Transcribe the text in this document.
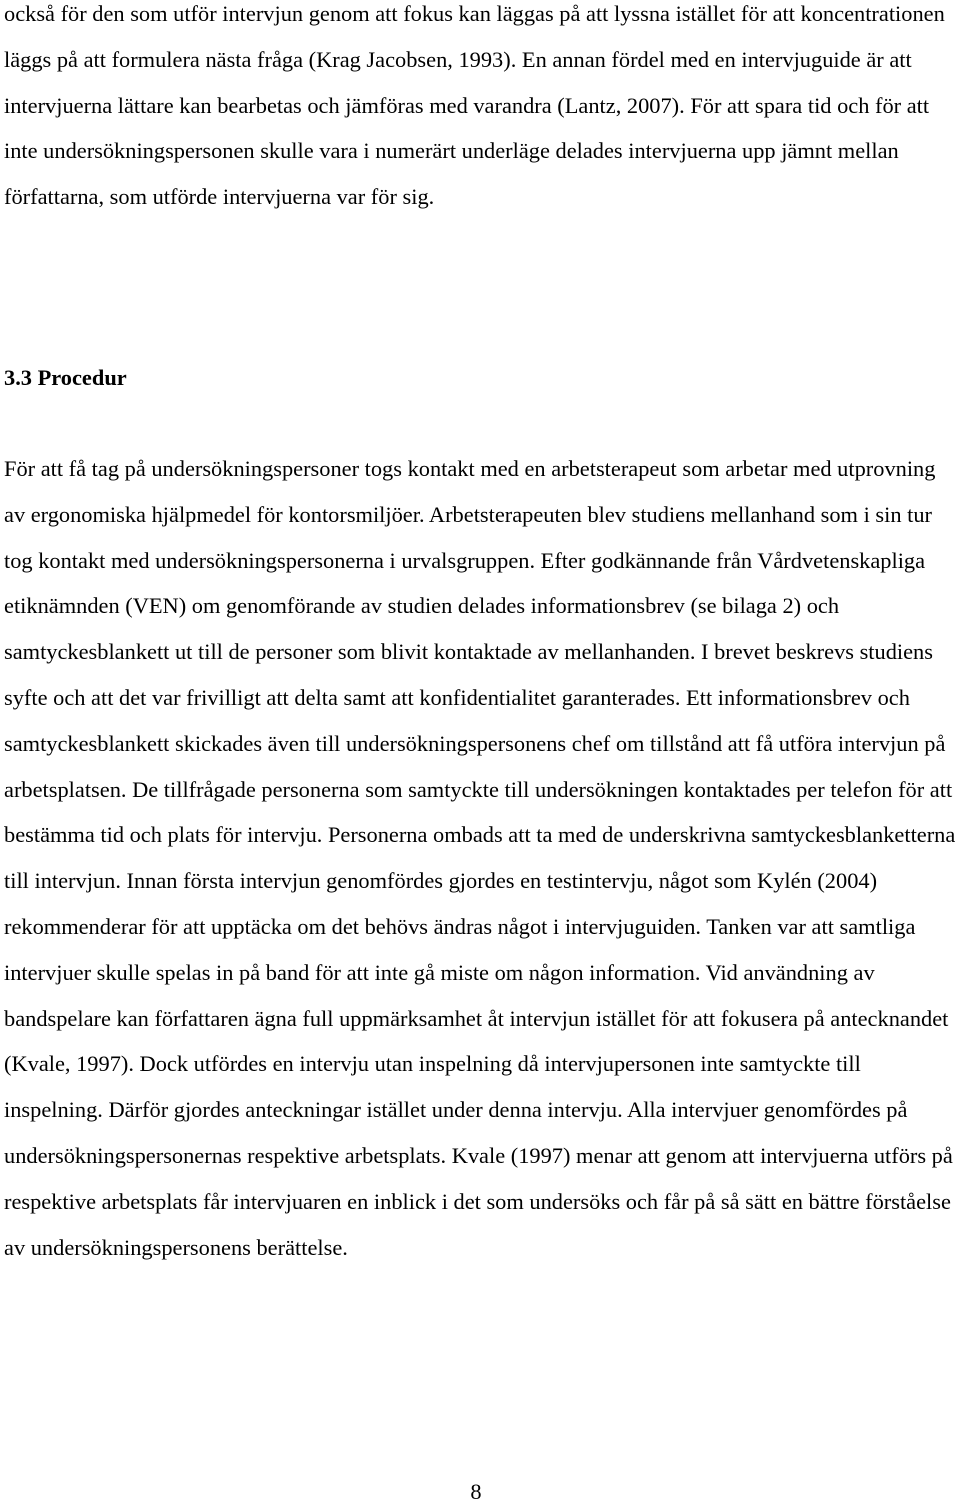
också för den som utför intervjun genom att fokus kan läggas på att lyssna istället för att koncentrationen läggs på att formulera nästa fråga (Krag Jacobsen, 1993). En annan fördel med en intervjuguide är att intervjuerna lättare kan bearbetas och jämföras med varandra (Lantz, 2007). För att spara tid och för att inte undersökningspersonen skulle vara i numerärt underläge delades intervjuerna upp jämnt mellan författarna, som utförde intervjuerna var för sig.

3.3 Procedur

För att få tag på undersökningspersoner togs kontakt med en arbetsterapeut som arbetar med utprovning av ergonomiska hjälpmedel för kontorsmiljöer. Arbetsterapeuten blev studiens mellanhand som i sin tur tog kontakt med undersökningspersonerna i urvalsgruppen. Efter godkännande från Vårdvetenskapliga etiknämnden (VEN) om genomförande av studien delades informationsbrev (se bilaga 2) och samtyckesblankett ut till de personer som blivit kontaktade av mellanhanden. I brevet beskrevs studiens syfte och att det var frivilligt att delta samt att konfidentialitet garanterades. Ett informationsbrev och samtyckesblankett skickades även till undersökningspersonens chef om tillstånd att få utföra intervjun på arbetsplatsen. De tillfrågade personerna som samtyckte till undersökningen kontaktades per telefon för att bestämma tid och plats för intervju. Personerna ombads att ta med de underskrivna samtyckesblanketterna till intervjun. Innan första intervjun genomfördes gjordes en testintervju, något som Kylén (2004) rekommenderar för att upptäcka om det behövs ändras något i intervjuguiden. Tanken var att samtliga intervjuer skulle spelas in på band för att inte gå miste om någon information. Vid användning av bandspelare kan författaren ägna full uppmärksamhet åt intervjun istället för att fokusera på antecknandet (Kvale, 1997). Dock utfördes en intervju utan inspelning då intervjupersonen inte samtyckte till inspelning. Därför gjordes anteckningar istället under denna intervju. Alla intervjuer genomfördes på undersökningspersonernas respektive arbetsplats. Kvale (1997) menar att genom att intervjuerna utförs på respektive arbetsplats får intervjuaren en inblick i det som undersöks och får på så sätt en bättre förståelse av undersökningspersonens berättelse.

8
